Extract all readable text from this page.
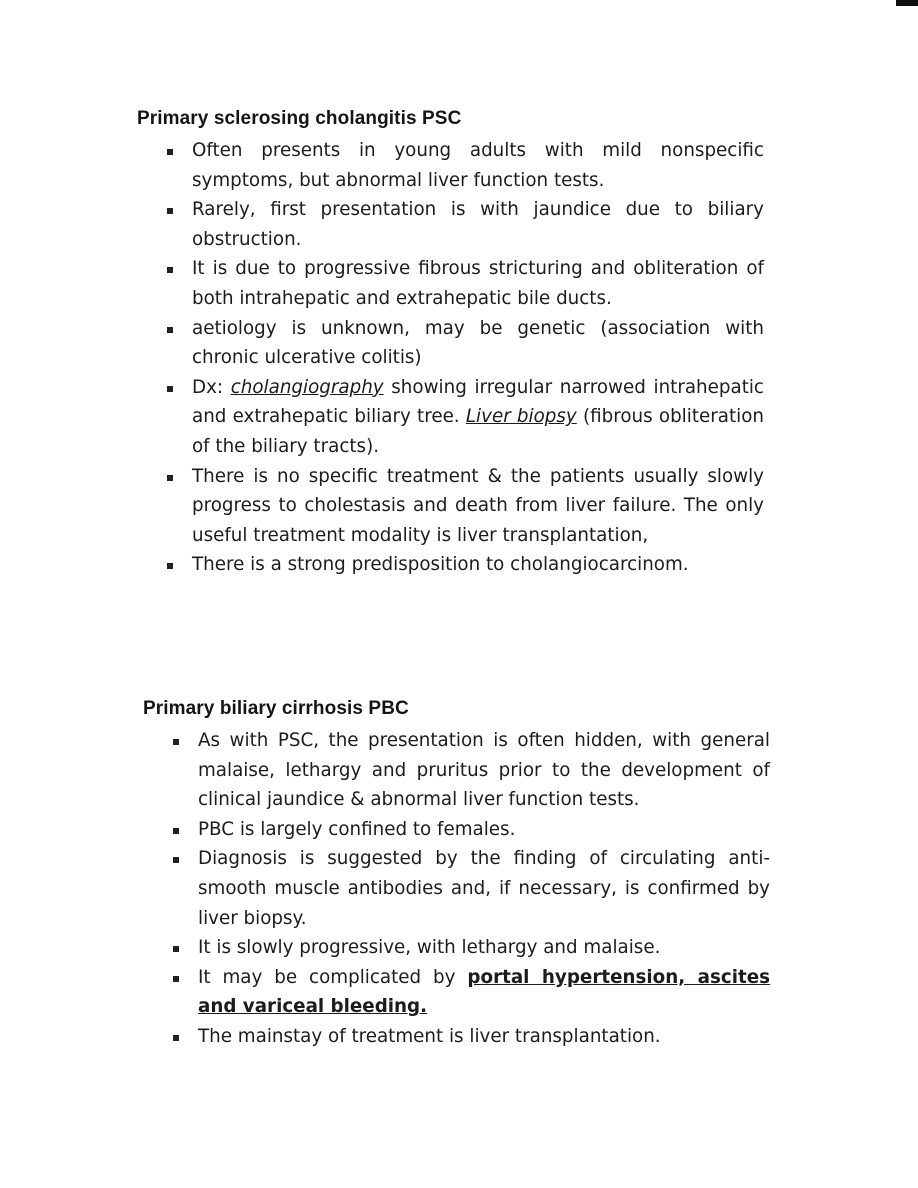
Primary sclerosing cholangitis PSC
Often presents in young adults with mild nonspecific symptoms, but abnormal liver function tests.
Rarely, first presentation is with jaundice due to biliary obstruction.
It is due to progressive fibrous stricturing and obliteration of both intrahepatic and extrahepatic bile ducts.
aetiology is unknown, may be genetic (association with chronic ulcerative colitis)
Dx: cholangiography showing irregular narrowed intrahepatic and extrahepatic biliary tree. Liver biopsy (fibrous obliteration of the biliary tracts).
There is no specific treatment & the patients usually slowly progress to cholestasis and death from liver failure. The only useful treatment modality is liver transplantation,
There is a strong predisposition to cholangiocarcinom.
Primary biliary cirrhosis PBC
As with PSC, the presentation is often hidden, with general malaise, lethargy and pruritus prior to the development of clinical jaundice & abnormal liver function tests.
PBC is largely confined to females.
Diagnosis is suggested by the finding of circulating anti-smooth muscle antibodies and, if necessary, is confirmed by liver biopsy.
It is slowly progressive, with lethargy and malaise.
It may be complicated by portal hypertension, ascites and variceal bleeding.
The mainstay of treatment is liver transplantation.
